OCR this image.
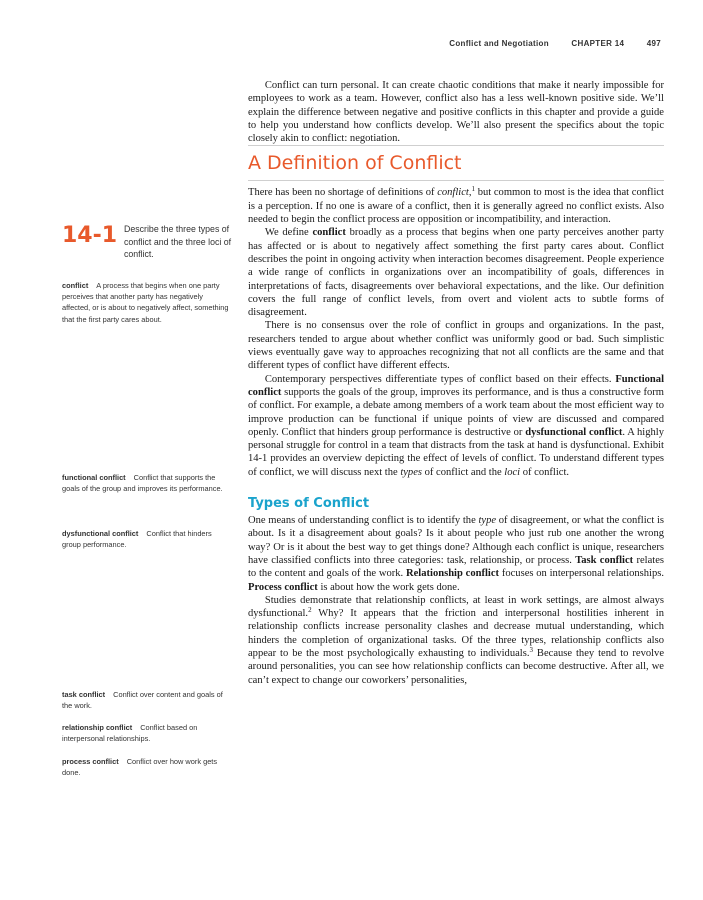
Conflict and Negotiation	CHAPTER 14	497
14-1 Describe the three types of conflict and the three loci of conflict.
conflict A process that begins when one party perceives that another party has negatively affected, or is about to negatively affect, something that the first party cares about.
functional conflict Conflict that supports the goals of the group and improves its performance.
dysfunctional conflict Conflict that hinders group performance.
task conflict Conflict over content and goals of the work.
relationship conflict Conflict based on interpersonal relationships.
process conflict Conflict over how work gets done.

Conflict can turn personal. It can create chaotic conditions that make it nearly impossible for employees to work as a team. However, conflict also has a less well-known positive side. We’ll explain the difference between negative and positive conflicts in this chapter and provide a guide to help you understand how conflicts develop. We’ll also present the specifics about the topic closely akin to conflict: negotiation.

A Definition of Conflict

There has been no shortage of definitions of conflict,$^1$ but common to most is the idea that conflict is a perception. If no one is aware of a conflict, then it is generally agreed no conflict exists. Also needed to begin the conflict process are opposition or incompatibility, and interaction.

We define conflict broadly as a process that begins when one party perceives another party has affected or is about to negatively affect something the first party cares about. Conflict describes the point in ongoing activity when interaction becomes disagreement. People experience a wide range of conflicts in organizations over an incompatibility of goals, differences in interpretations of facts, disagreements over behavioral expectations, and the like. Our definition covers the full range of conflict levels, from overt and violent acts to subtle forms of disagreement.

There is no consensus over the role of conflict in groups and organizations. In the past, researchers tended to argue about whether conflict was uniformly good or bad. Such simplistic views eventually gave way to approaches recognizing that not all conflicts are the same and that different types of conflict have different effects.

Contemporary perspectives differentiate types of conflict based on their effects. Functional conflict supports the goals of the group, improves its performance, and is thus a constructive form of conflict. For example, a debate among members of a work team about the most efficient way to improve production can be functional if unique points of view are discussed and compared openly. Conflict that hinders group performance is destructive or dysfunctional conflict. A highly personal struggle for control in a team that distracts from the task at hand is dysfunctional. Exhibit 14-1 provides an overview depicting the effect of levels of conflict. To understand different types of conflict, we will discuss next the types of conflict and the loci of conflict.

Types of Conflict

One means of understanding conflict is to identify the type of disagreement, or what the conflict is about. Is it a disagreement about goals? Is it about people who just rub one another the wrong way? Or is it about the best way to get things done? Although each conflict is unique, researchers have classified conflicts into three categories: task, relationship, or process. Task conflict relates to the content and goals of the work. Relationship conflict focuses on interpersonal relationships. Process conflict is about how the work gets done.

Studies demonstrate that relationship conflicts, at least in work settings, are almost always dysfunctional.$^2$ Why? It appears that the friction and interpersonal hostilities inherent in relationship conflicts increase personality clashes and decrease mutual understanding, which hinders the completion of organizational tasks. Of the three types, relationship conflicts also appear to be the most psychologically exhausting to individuals.$^3$ Because they tend to revolve around personalities, you can see how relationship conflicts can become destructive. After all, we can’t expect to change our coworkers’ personalities,
